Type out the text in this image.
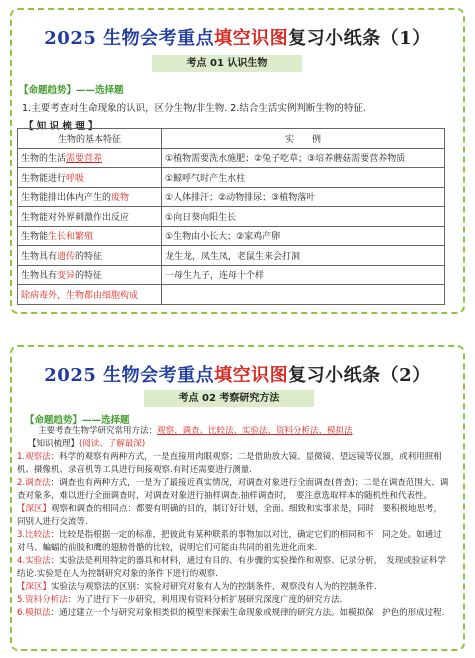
2025 生物会考重点填空识图复习小纸条（1）
考点 01 认识生物
【命题趋势】——选择题
1.主要考查对生命现象的认识，区分生物/非生物. 2.结合生活实例判断生物的特征.
【 知 识 梳 理 】
生物的基本特征	实　　例
生物的生活需要营养	①植物需要洗水施肥；②兔子吃草；③培养蘑菇需要营养物质
生物能进行呼吸	①鲸呼气时产生水柱
生物能排出体内产生的废物	①人体排汗；②动物排尿；③植物落叶
生物能对外界刺激作出反应	①向日葵向阳生长
生物能生长和繁殖	①生物由小长大；②家鸡产卵
生物具有遗传的特征	龙生龙，凤生凤，老鼠生来会打洞
生物具有变异的特征	一母生九子，连母十个样
除病毒外，生物都由细胞构成	
2025 生物会考重点填空识图复习小纸条（2）
考点 02 考察研究方法
【命题趋势】——选择题
主要考查生物学研究常用方法：观察、调查、比较法、实验法、资料分析法、模拟法
【知识梳理】(阅读、了解最深)

1.观察法：科学的观察有两种方式，一是直接用肉眼观察；二是借助放大镜、显微镜、望远镜等仪器，或利用照相机、摄像机、录音机等工具进行间接观察.有时还需要进行测量.

2.调查法：调查也有两种方式，一是为了最接近真实情况，对调查对象进行全面调查(普查)；二是在调查范围大、调查对象多，难以进行全面调查时，对调查对象进行抽样调查.抽样调查时，　要注意选取样本的随机性和代表性。

【深区】观察和调查的相同点：都要有明确的目的，制订好计划，全面、细致和实事求是，同时　要积极地思考，同别人进行交流等.

3.比较法：比较是指根据一定的标准，把彼此有某种联系的事物加以对比，确定它们的相同和不　同之处。如通过对马、蝙蝠的前肢和鹰的翅膀骨骼的比较，说明它们可能由共同的祖先进化而来.

4.实验法：实验法是利用特定的器具和材料，通过有目的、有步骤的实验操作和观察、记录分析，　发现或验证科学结论.实验是在人为控制研究对象的条件下进行的观察.

【深区】实验法与观察法的区别：实验对研究对象有人为的控制条件，观察没有人为的控制条件.

5.资料分析法：为了进行下一步研究，利用现有资料分析扩展研究深度广度的研究方法.

6.模拟法：通过建立一个与研究对象相类似的模型来探索生命现象或规律的研究方法。如模拟保　护色的形成过程.
